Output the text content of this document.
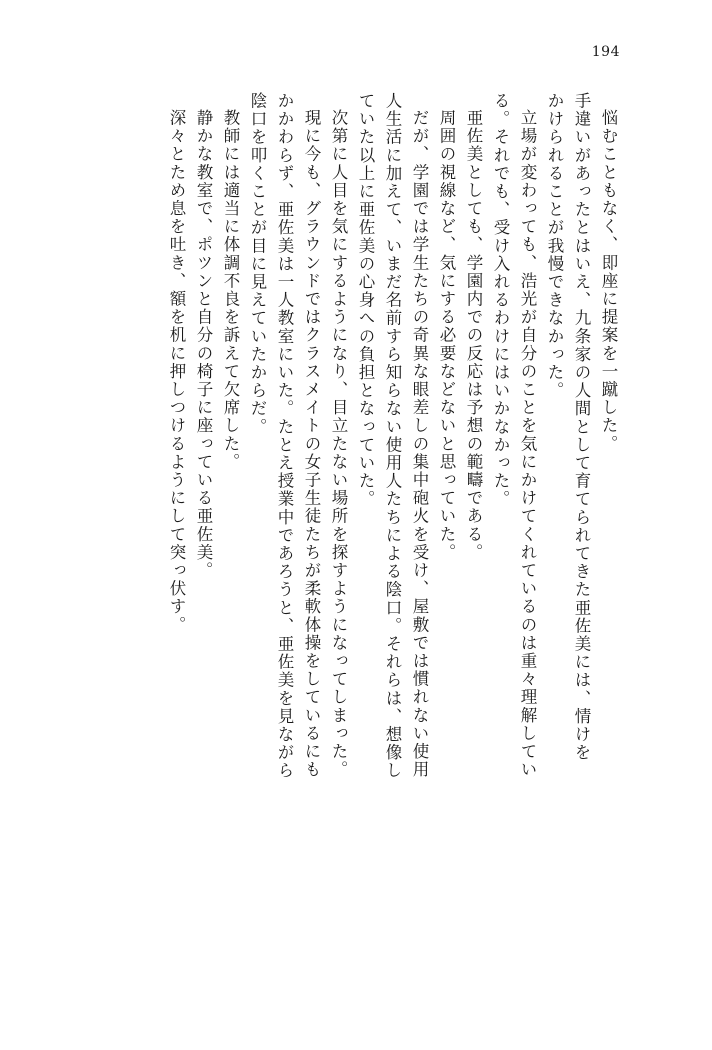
194
悩むこともなく、即座に提案を一蹴した。
手違いがあったとはいえ、九条家の人間として育てられてきた亜佐美には、情けを
かけられることが我慢できなかった。
立場が変わっても、浩光が自分のことを気にかけてくれているのは重々理解してい
る。それでも、受け入れるわけにはいかなかった。
亜佐美としても、学園内での反応は予想の範疇である。
周囲の視線など、気にする必要などないと思っていた。
だが、学園では学生たちの奇異な眼差しの集中砲火を受け、屋敷では慣れない使用
人生活に加えて、いまだ名前すら知らない使用人たちによる陰口。それらは、想像し
ていた以上に亜佐美の心身への負担となっていた。
次第に人目を気にするようになり、目立たない場所を探すようになってしまった。
現に今も、グラウンドではクラスメイトの女子生徒たちが柔軟体操をしているにも
かかわらず、亜佐美は一人教室にいた。たとえ授業中であろうと、亜佐美を見ながら
陰口を叩くことが目に見えていたからだ。
教師には適当に体調不良を訴えて欠席した。
静かな教室で、ポツンと自分の椅子に座っている亜佐美。
深々とため息を吐き、額を机に押しつけるようにして突っ伏す。
